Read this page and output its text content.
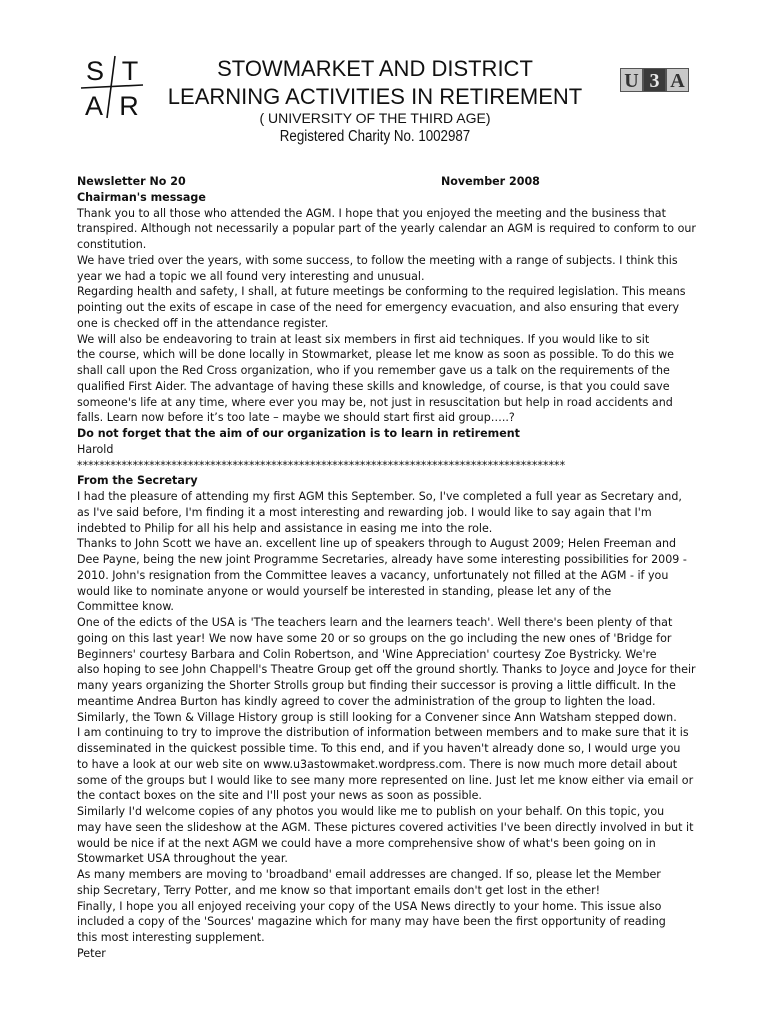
S T
A R
STOWMARKET AND DISTRICT
LEARNING ACTIVITIES IN RETIREMENT
( UNIVERSITY OF THE THIRD AGE)
Registered Charity No. 1002987
U 3 A
Newsletter No 20	November 2008
Chairman's message
Thank you to all those who attended the AGM. I hope that you enjoyed the meeting and the business that
transpired. Although not necessarily a popular part of the yearly calendar an AGM is required to conform to our
constitution.
We have tried over the years, with some success, to follow the meeting with a range of subjects. I think this
year we had a topic we all found very interesting and unusual.
Regarding health and safety, I shall, at future meetings be conforming to the required legislation. This means
pointing out the exits of escape in case of the need for emergency evacuation, and also ensuring that every
one is checked off in the attendance register.
We will also be endeavoring to train at least six members in first aid techniques. If you would like to sit
the course, which will be done locally in Stowmarket, please let me know as soon as possible. To do this we
shall call upon the Red Cross organization, who if you remember gave us a talk on the requirements of the
qualified First Aider. The advantage of having these skills and knowledge, of course, is that you could save
someone's life at any time, where ever you may be, not just in resuscitation but help in road accidents and
falls. Learn now before it’s too late – maybe we should start first aid group…..?
Do not forget that the aim of our organization is to learn in retirement
Harold
****************************************************************************************
From the Secretary
I had the pleasure of attending my first AGM this September. So, I've completed a full year as Secretary and,
as I've said before, I'm finding it a most interesting and rewarding job. I would like to say again that I'm
indebted to Philip for all his help and assistance in easing me into the role.
Thanks to John Scott we have an. excellent line up of speakers through to August 2009; Helen Freeman and
Dee Payne, being the new joint Programme Secretaries, already have some interesting possibilities for 2009 -
2010. John's resignation from the Committee leaves a vacancy, unfortunately not filled at the AGM - if you
would like to nominate anyone or would yourself be interested in standing, please let any of the
Committee know.
One of the edicts of the USA is 'The teachers learn and the learners teach'. Well there's been plenty of that
going on this last year! We now have some 20 or so groups on the go including the new ones of 'Bridge for
Beginners' courtesy Barbara and Colin Robertson, and 'Wine Appreciation' courtesy Zoe Bystricky. We're
also hoping to see John Chappell's Theatre Group get off the ground shortly. Thanks to Joyce and Joyce for their
many years organizing the Shorter Strolls group but finding their successor is proving a little difficult. In the
meantime Andrea Burton has kindly agreed to cover the administration of the group to lighten the load.
Similarly, the Town & Village History group is still looking for a Convener since Ann Watsham stepped down.
I am continuing to try to improve the distribution of information between members and to make sure that it is
disseminated in the quickest possible time. To this end, and if you haven't already done so, I would urge you
to have a look at our web site on www.u3astowmaket.wordpress.com. There is now much more detail about
some of the groups but I would like to see many more represented on line. Just let me know either via email or
the contact boxes on the site and I'll post your news as soon as possible.
Similarly I'd welcome copies of any photos you would like me to publish on your behalf. On this topic, you
may have seen the slideshow at the AGM. These pictures covered activities I've been directly involved in but it
would be nice if at the next AGM we could have a more comprehensive show of what's been going on in
Stowmarket USA throughout the year.
As many members are moving to 'broadband' email addresses are changed. If so, please let the Member
ship Secretary, Terry Potter, and me know so that important emails don't get lost in the ether!
Finally, I hope you all enjoyed receiving your copy of the USA News directly to your home. This issue also
included a copy of the 'Sources' magazine which for many may have been the first opportunity of reading
this most interesting supplement.
Peter
